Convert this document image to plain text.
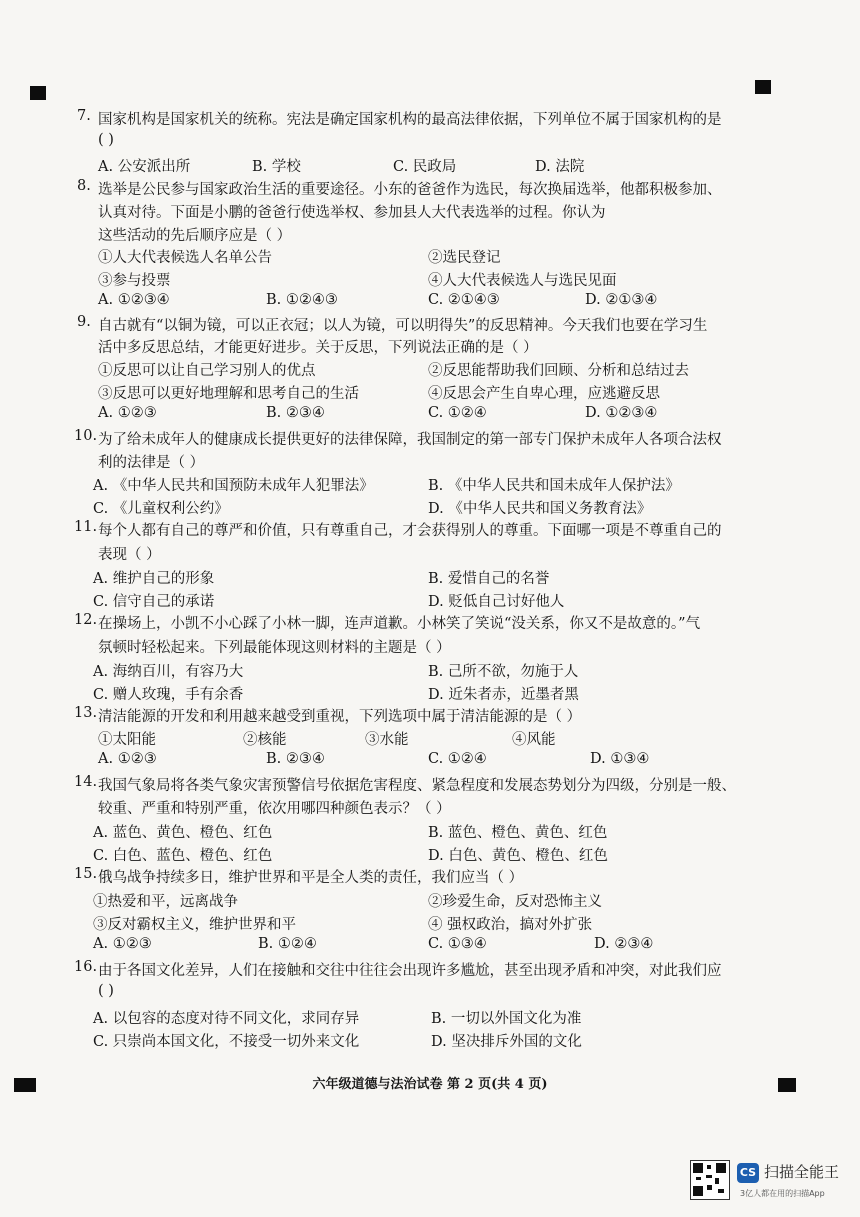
7. 国家机构是国家机关的统称。宪法是确定国家机构的最高法律依据，下列单位不属于国家机构的是
( )
A. 公安派出所	B. 学校	C. 民政局	D. 法院
8. 选举是公民参与国家政治生活的重要途径。小东的爸爸作为选民，每次换届选举，他都积极参加、
认真对待。下面是小鹏的爸爸行使选举权、参加县人大代表选举的过程。你认为
这些活动的先后顺序应是（ ）
①人大代表候选人名单公告	②选民登记
③参与投票	④人大代表候选人与选民见面
A. ①②③④	B. ①②④③	C. ②①④③	D. ②①③④
9. 自古就有“以铜为镜，可以正衣冠；以人为镜，可以明得失”的反思精神。今天我们也要在学习生
活中多反思总结，才能更好进步。关于反思，下列说法正确的是（ ）
①反思可以让自己学习别人的优点	②反思能帮助我们回顾、分析和总结过去
③反思可以更好地理解和思考自己的生活	④反思会产生自卑心理，应逃避反思
A. ①②③	B. ②③④	C. ①②④	D. ①②③④
10. 为了给未成年人的健康成长提供更好的法律保障，我国制定的第一部专门保护未成年人各项合法权
利的法律是（ ）
A. 《中华人民共和国预防未成年人犯罪法》	B. 《中华人民共和国未成年人保护法》
C. 《儿童权利公约》	D. 《中华人民共和国义务教育法》
11. 每个人都有自己的尊严和价值，只有尊重自己，才会获得别人的尊重。下面哪一项是不尊重自己的
表现（ ）
A. 维护自己的形象	B. 爱惜自己的名誉
C. 信守自己的承诺	D. 贬低自己讨好他人
12. 在操场上，小凯不小心踩了小林一脚，连声道歉。小林笑了笑说“没关系，你又不是故意的。”气
氛顿时轻松起来。下列最能体现这则材料的主题是（ ）
A. 海纳百川，有容乃大	B. 己所不欲，勿施于人
C. 赠人玫瑰，手有余香	D. 近朱者赤，近墨者黑
13. 清洁能源的开发和利用越来越受到重视，下列选项中属于清洁能源的是（ ）
①太阳能	②核能	③水能	④风能
A. ①②③	B. ②③④	C. ①②④	D. ①③④
14. 我国气象局将各类气象灾害预警信号依据危害程度、紧急程度和发展态势划分为四级，分别是一般、
较重、严重和特别严重，依次用哪四种颜色表示？（ ）
A. 蓝色、黄色、橙色、红色	B. 蓝色、橙色、黄色、红色
C. 白色、蓝色、橙色、红色	D. 白色、黄色、橙色、红色
15. 俄乌战争持续多日，维护世界和平是全人类的责任，我们应当（ ）
①热爱和平，远离战争	②珍爱生命，反对恐怖主义
③反对霸权主义，维护世界和平	④ 强权政治，搞对外扩张
A. ①②③	B. ①②④	C. ①③④	D. ②③④
16. 由于各国文化差异，人们在接触和交往中往往会出现许多尴尬，甚至出现矛盾和冲突，对此我们应
( )
A. 以包容的态度对待不同文化，求同存异	B. 一切以外国文化为准
C. 只崇尚本国文化，不接受一切外来文化	D. 坚决排斥外国的文化
六年级道德与法治试卷 第 2 页(共 4 页)
CS 扫描全能王
3亿人都在用的扫描App
